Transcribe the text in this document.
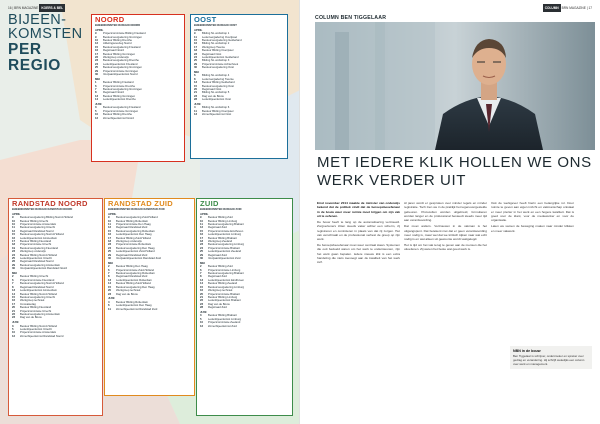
16 | BRN MAGAZINE KOERS & BEL
BIJEEN-
KOMSTEN
PER
REGIO
NOORD
BIJEENKOMSTEN IN REGIO NOORD
APRIL
9	Projectcommissie Bilding Friesland
9	Bestuursvergadering Groningen
10	Bestuur Bilding Drenthe
12	Afdelingsoverleg Noord
15	Bestuursvergadering Friesland
16	Regioraad Noord
17	Bestuur Bilding Groningen
22	Werkgroep onderwijs
23	Bestuursvergadering Drenthe
24	Ledenbijeenkomst Friesland
25	Bestuursvergadering Groningen
29	Projectcommissie Groningen
30	Voorjaarsbijeenkomst Noord
MEI
1	Bestuur Bilding Friesland
6	Projectcommissie Drenthe
7	Bestuursvergadering Groningen
8	Regioraad Noord
13	Bestuur Bilding Groningen
14	Ledenbijeenkomst Drenthe
JUNI
3	Bestuursvergadering Friesland
5	Projectcommissie Groningen
10	Bestuur Bilding Drenthe
12	Zomerbijeenkomst Noord
OOST
BIJEENKOMSTEN IN REGIO OOST
APRIL
9	Bilding NL workshop 1
11	Ledenvergadering Overijssel
15	Bestuursvergadering Gelderland
16	Bilding NL workshop 2
17	Werkgroep Twente
18	Bestuur Bilding Overijssel
23	Regioraad Oost
24	Ledenbijeenkomst Gelderland
25	Bilding NL workshop 3
29	Projectcommissie Achterhoek
30	Bestuursvergadering Oost
MEI
6	Bilding NL workshop 4
8	Ledenvergadering Twente
13	Bestuur Bilding Gelderland
15	Bestuursvergadering Oost
20	Regioraad Oost
21	Bilding NL workshop 5
23	Dag van de Bouw
28	Ledenbijeenkomst Oost
JUNI
4	Bilding NL workshop 6
11	Bestuur Bilding Overijssel
13	Zomerbijeenkomst Oost
RANDSTAD NOORD
BIJEENKOMSTEN IN REGIO RANDSTAD NOORD
APRIL
9	Bestuursvergadering Bilding Noord-Holland
10	Bestuur Bilding Utrecht
10	Projectcommissie Amsterdam
11	Bestuursvergadering Utrecht
12	Regioraad Randstad Noord
15	Bestuursvergadering Noord-Holland
16	Ledenbijeenkomst Amsterdam
17	Bestuur Bilding Flevoland
18	Projectcommissie Utrecht
19	Bestuursvergadering Flevoland
23	Werkgroep onderwijs
24	Bestuur Bilding Noord-Holland
25	Ledenbijeenkomst Utrecht
26	Regioraad Randstad Noord
29	Bestuursvergadering Amsterdam
30	Voorjaarsbijeenkomst Randstad Noord
MEI
2	Bestuur Bilding Utrecht
6	Projectcommissie Flevoland
7	Bestuursvergadering Noord-Holland
8	Regioraad Randstad Noord
13	Ledenbijeenkomst Amsterdam
14	Bestuur Bilding Noord-Holland
15	Bestuursvergadering Utrecht
16	Werkgroep techniek
17	Innovatiedag
20	Bestuur Bilding Flevoland
21	Projectcommissie Utrecht
22	Bestuursvergadering Amsterdam
23	Dag van de Bouw
JUNI
3	Bestuur Bilding Noord-Holland
5	Ledenbijeenkomst Utrecht
10	Projectcommissie Amsterdam
12	Zomerbijeenkomst Randstad Noord
RANDSTAD ZUID
BIJEENKOMSTEN IN REGIO RANDSTAD ZUID
APRIL
9	Bestuursvergadering Zuid-Holland
10	Bestuur Bilding Rotterdam
11	Projectcommissie Den Haag
12	Regioraad Randstad Zuid
15	Bestuursvergadering Rotterdam
16	Ledenbijeenkomst Den Haag
17	Bestuur Bilding Zuid-Holland
18	Werkgroep onderwijs
23	Projectcommissie Rotterdam
24	Bestuursvergadering Den Haag
25	Ledenbijeenkomst Zuid-Holland
29	Regioraad Randstad Zuid
30	Voorjaarsbijeenkomst Randstad Zuid
MEI
2	Bestuur Bilding Den Haag
6	Projectcommissie Zuid-Holland
7	Bestuursvergadering Rotterdam
8	Regioraad Randstad Zuid
13	Ledenbijeenkomst Rotterdam
14	Bestuur Bilding Zuid-Holland
15	Bestuursvergadering Den Haag
20	Werkgroep techniek
23	Dag van de Bouw
JUNI
4	Bestuur Bilding Rotterdam
6	Ledenbijeenkomst Den Haag
11	Zomerbijeenkomst Randstad Zuid
ZUID
BIJEENKOMSTEN IN REGIO ZUID
APRIL
9	Bestuur Bilding Zuid
10	Bestuur Bilding Limburg
11	Bestuursvergadering Brabant
12	Regioraad Zuid
15	Projectcommissie Eindhoven
16	Ledenbijeenkomst Limburg
17	Bestuur Bilding Brabant
18	Werkgroep Zeeland
23	Bestuursvergadering Limburg
24	Projectcommissie Brabant
25	Ledenbijeenkomst Zeeland
29	Regioraad Zuid
30	Voorjaarsbijeenkomst Zuid
MEI
2	Bestuur Bilding Zuid
6	Projectcommissie Limburg
7	Bestuursvergadering Brabant
8	Regioraad Zuid
13	Ledenbijeenkomst Eindhoven
14	Bestuur Bilding Zeeland
15	Bestuursvergadering Limburg
16	Werkgroep techniek
20	Projectcommissie Brabant
21	Bestuur Bilding Limburg
22	Ledenbijeenkomst Brabant
23	Dag van de Bouw
28	Regioraad Zuid
JUNI
3	Bestuur Bilding Brabant
5	Ledenbijeenkomst Limburg
10	Projectcommissie Zeeland
12	Zomerbijeenkomst Zuid
COLUMN BRN MAGAZINE | 17
COLUMN BEN TIGGELAAR
MET IEDERE KLIK HOLLEN WE ONS WERK VERDER UIT

Eind november 2014 maakte de minister van onderwijs bekend dat de politiek vindt dat de beroepsbeoefenaar in de bouw weer meer ruimte moet krijgen om zijn vak uit te oefenen.

De bouw heeft te lang op de automatisering vertrouwd. Zorgverleners zitten steeds vaker achter een scherm, zij registreren en controleren in plaats van dat zij zorgen. Het vak verschraalt en de professional verliest de greep op zijn werk.

De beroepsbeoefenaar moet weer centraal staan. Systemen die ooit bedoeld waren om het werk te ondersteunen, zijn het werk gaan bepalen. Iedere nieuwe klik is een extra handeling die niets toevoegt aan de kwaliteit van het werk zelf.

Al jaren wordt er gesproken over minder regels en minder registratie. Toch zien we in de praktijk het tegenovergestelde gebeuren. Protocollen worden uitgebreid, formulieren worden langer en de professional besteedt steeds meer tijd aan verantwoording.

Dat moet anders. Vertrouwen in de vakman is het uitgangspunt. Dat betekent niet dat er geen verantwoording meer nodig is, maar wel dat we kritisch kijken naar wat echt nodig is en wat alleen uit gewoonte wordt vastgelegd.

Het is tijd om het vak terug te geven aan de mensen die het uitoefenen. Zij weten het beste wat goed werk is.

Ook de werkgever heeft hierin een belangrijke rol. Door ruimte te geven aan eigen inzicht en vakmanschap ontstaat er meer plezier in het werk en een hogere kwaliteit. Dat is goed voor de klant, voor de medewerker en voor de organisatie.

Laten we samen de beweging maken naar minder klikken en meer vakwerk.

NBN in de bouw
Ben Tiggelaar is schrijver, onderzoeker en spreker over gedrag en verandering. Hij schrijft wekelijks een column over werk en management.
